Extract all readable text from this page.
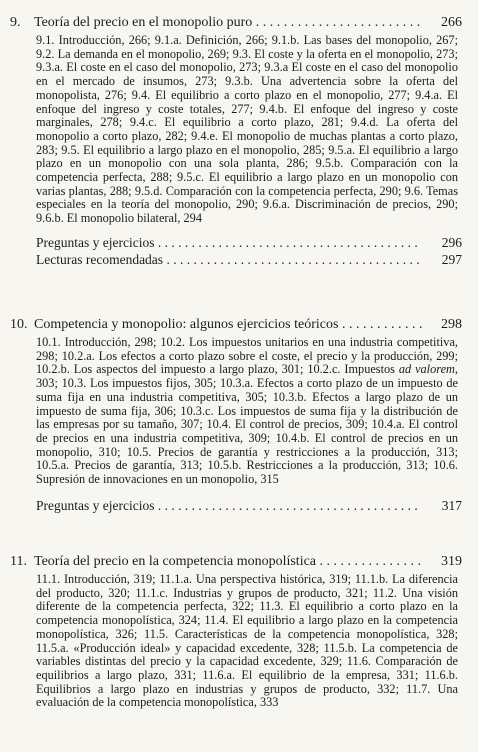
9. Teoría del precio en el monopolio puro . . .	266
9.1. Introducción, 266; 9.1.a. Definición, 266; 9.1.b. Las bases del monopolio, 267; 9.2. La demanda en el monopolio, 269; 9.3. El coste y la oferta en el monopolio, 273; 9.3.a. El coste en el caso del monopolio, 273; 9.3.a El coste en el caso del monopolio en el mercado de insumos, 273; 9.3.b. Una advertencia sobre la oferta del monopolista, 276; 9.4. El equilibrio a corto plazo en el monopolio, 277; 9.4.a. El enfoque del ingreso y coste totales, 277; 9.4.b. El enfoque del ingreso y coste marginales, 278; 9.4.c. El equilibrio a corto plazo, 281; 9.4.d. La oferta del monopolio a corto plazo, 282; 9.4.e. El monopolio de muchas plantas a corto plazo, 283; 9.5. El equilibrio a largo plazo en el monopolio, 285; 9.5.a. El equilibrio a largo plazo en un monopolio con una sola planta, 286; 9.5.b. Comparación con la competencia perfecta, 288; 9.5.c. El equilibrio a largo plazo en un monopolio con varias plantas, 288; 9.5.d. Comparación con la competencia perfecta, 290; 9.6. Temas especiales en la teoría del monopolio, 290; 9.6.a. Discriminación de precios, 290; 9.6.b. El monopolio bilateral, 294
Preguntas y ejercicios . . .	296
Lecturas recomendadas . . .	297
10. Competencia y monopolio: algunos ejercicios teóricos . . .	298
10.1. Introducción, 298; 10.2. Los impuestos unitarios en una industria competitiva, 298; 10.2.a. Los efectos a corto plazo sobre el coste, el precio y la producción, 299; 10.2.b. Los aspectos del impuesto a largo plazo, 301; 10.2.c. Impuestos ad valorem, 303; 10.3. Los impuestos fijos, 305; 10.3.a. Efectos a corto plazo de un impuesto de suma fija en una industria competitiva, 305; 10.3.b. Efectos a largo plazo de un impuesto de suma fija, 306; 10.3.c. Los impuestos de suma fija y la distribución de las empresas por su tamaño, 307; 10.4. El control de precios, 309; 10.4.a. El control de precios en una industria competitiva, 309; 10.4.b. El control de precios en un monopolio, 310; 10.5. Precios de garantía y restricciones a la producción, 313; 10.5.a. Precios de garantía, 313; 10.5.b. Restricciones a la producción, 313; 10.6. Supresión de innovaciones en un monopolio, 315
Preguntas y ejercicios . . .	317
11. Teoría del precio en la competencia monopolística . . .	319
11.1. Introducción, 319; 11.1.a. Una perspectiva histórica, 319; 11.1.b. La diferencia del producto, 320; 11.1.c. Industrias y grupos de producto, 321; 11.2. Una visión diferente de la competencia perfecta, 322; 11.3. El equilibrio a corto plazo en la competencia monopolística, 324; 11.4. El equilibrio a largo plazo en la competencia monopolística, 326; 11.5. Características de la competencia monopolística, 328; 11.5.a. «Producción ideal» y capacidad excedente, 328; 11.5.b. La competencia de variables distintas del precio y la capacidad excedente, 329; 11.6. Comparación de equilibrios a largo plazo, 331; 11.6.a. El equilibrio de la empresa, 331; 11.6.b. Equilibrios a largo plazo en industrias y grupos de producto, 332; 11.7. Una evaluación de la competencia monopolística, 333
